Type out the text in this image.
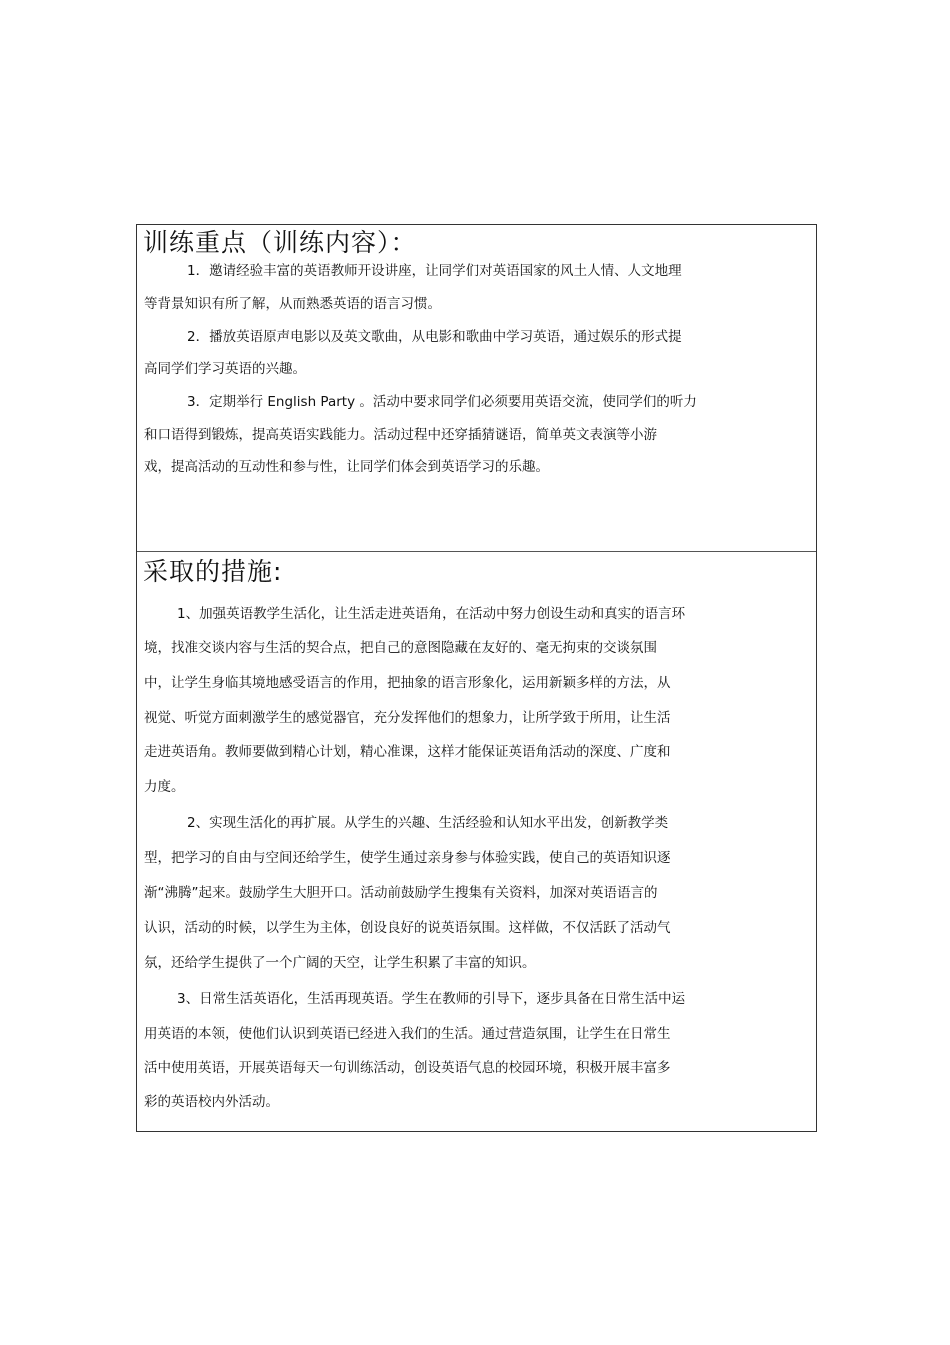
训练重点（训练内容）：
1．邀请经验丰富的英语教师开设讲座，让同学们对英语国家的风土人情、人文地理
等背景知识有所了解，从而熟悉英语的语言习惯。
2．播放英语原声电影以及英文歌曲，从电影和歌曲中学习英语，通过娱乐的形式提
高同学们学习英语的兴趣。
3．定期举行 English Party 。活动中要求同学们必须要用英语交流，使同学们的听力
和口语得到锻炼，提高英语实践能力。活动过程中还穿插猜谜语，简单英文表演等小游
戏，提高活动的互动性和参与性，让同学们体会到英语学习的乐趣。
采取的措施:
1、加强英语教学生活化，让生活走进英语角，在活动中努力创设生动和真实的语言环
境，找准交谈内容与生活的契合点，把自己的意图隐藏在友好的、毫无拘束的交谈氛围
中，让学生身临其境地感受语言的作用，把抽象的语言形象化，运用新颖多样的方法，从
视觉、听觉方面刺激学生的感觉器官，充分发挥他们的想象力，让所学致于所用，让生活
走进英语角。教师要做到精心计划，精心准课，这样才能保证英语角活动的深度、广度和
力度。
2、实现生活化的再扩展。从学生的兴趣、生活经验和认知水平出发，创新教学类
型，把学习的自由与空间还给学生，使学生通过亲身参与体验实践，使自己的英语知识逐
渐“沸腾”起来。鼓励学生大胆开口。活动前鼓励学生搜集有关资料，加深对英语语言的
认识，活动的时候，以学生为主体，创设良好的说英语氛围。这样做，不仅活跃了活动气
氛，还给学生提供了一个广阔的天空，让学生积累了丰富的知识。
3、日常生活英语化，生活再现英语。学生在教师的引导下，逐步具备在日常生活中运
用英语的本领，使他们认识到英语已经进入我们的生活。通过营造氛围，让学生在日常生
活中使用英语，开展英语每天一句训练活动，创设英语气息的校园环境，积极开展丰富多
彩的英语校内外活动。
